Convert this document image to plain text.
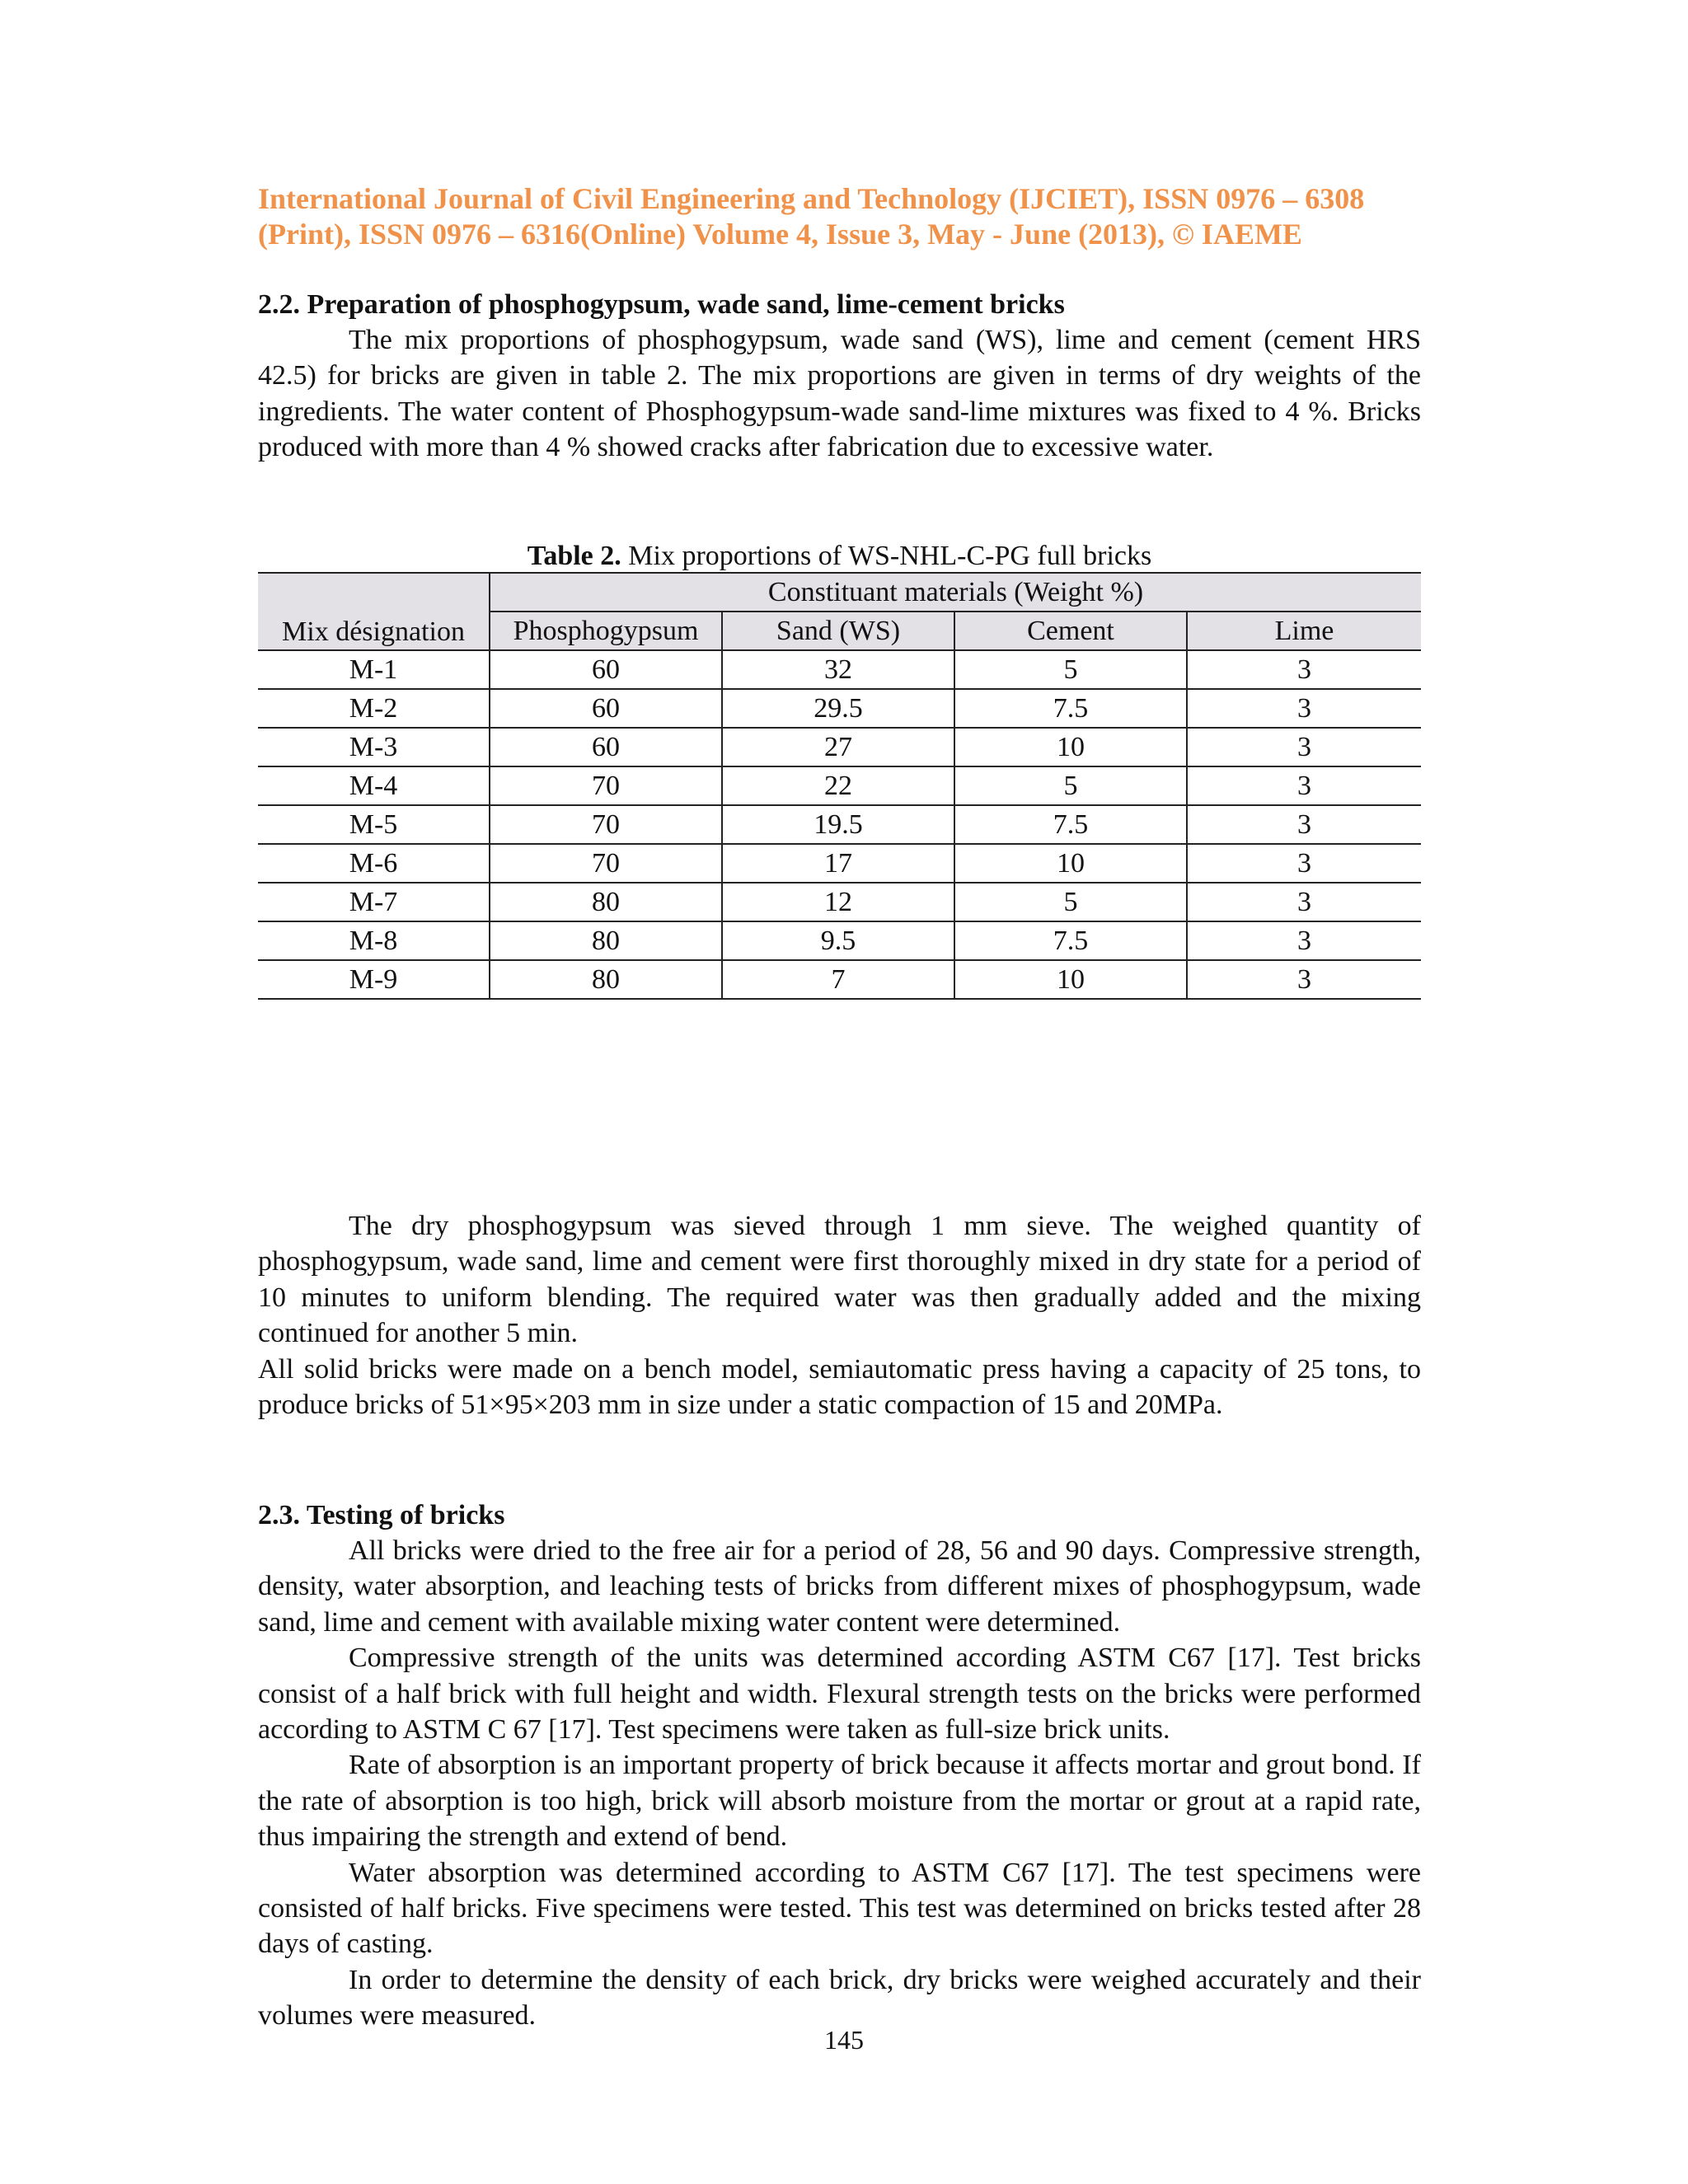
International Journal of Civil Engineering and Technology (IJCIET), ISSN 0976 – 6308
(Print), ISSN 0976 – 6316(Online) Volume 4, Issue 3, May - June (2013), © IAEME

2.2. Preparation of phosphogypsum, wade sand, lime-cement bricks

The mix proportions of phosphogypsum, wade sand (WS), lime and cement (cement HRS 42.5) for bricks are given in table 2. The mix proportions are given in terms of dry weights of the ingredients. The water content of Phosphogypsum-wade sand-lime mixtures was fixed to 4 %. Bricks produced with more than 4 % showed cracks after fabrication due to excessive water.

Table 2. Mix proportions of WS-NHL-C-PG full bricks

Mix désignation	Constituant materials (Weight %)			
	Phosphogypsum	Sand (WS)	Cement	Lime
M-1	60	32	5	3
M-2	60	29.5	7.5	3
M-3	60	27	10	3
M-4	70	22	5	3
M-5	70	19.5	7.5	3
M-6	70	17	10	3
M-7	80	12	5	3
M-8	80	9.5	7.5	3
M-9	80	7	10	3

The dry phosphogypsum was sieved through 1 mm sieve. The weighed quantity of phosphogypsum, wade sand, lime and cement were first thoroughly mixed in dry state for a period of 10 minutes to uniform blending. The required water was then gradually added and the mixing continued for another 5 min.

All solid bricks were made on a bench model, semiautomatic press having a capacity of 25 tons, to produce bricks of 51×95×203 mm in size under a static compaction of 15 and 20MPa.

2.3. Testing of bricks

All bricks were dried to the free air for a period of 28, 56 and 90 days. Compressive strength, density, water absorption, and leaching tests of bricks from different mixes of phosphogypsum, wade sand, lime and cement with available mixing water content were determined.

Compressive strength of the units was determined according ASTM C67 [17]. Test bricks consist of a half brick with full height and width. Flexural strength tests on the bricks were performed according to ASTM C 67 [17]. Test specimens were taken as full-size brick units.

Rate of absorption is an important property of brick because it affects mortar and grout bond. If the rate of absorption is too high, brick will absorb moisture from the mortar or grout at a rapid rate, thus impairing the strength and extend of bend.

Water absorption was determined according to ASTM C67 [17]. The test specimens were consisted of half bricks. Five specimens were tested. This test was determined on bricks tested after 28 days of casting.

In order to determine the density of each brick, dry bricks were weighed accurately and their volumes were measured.

145
